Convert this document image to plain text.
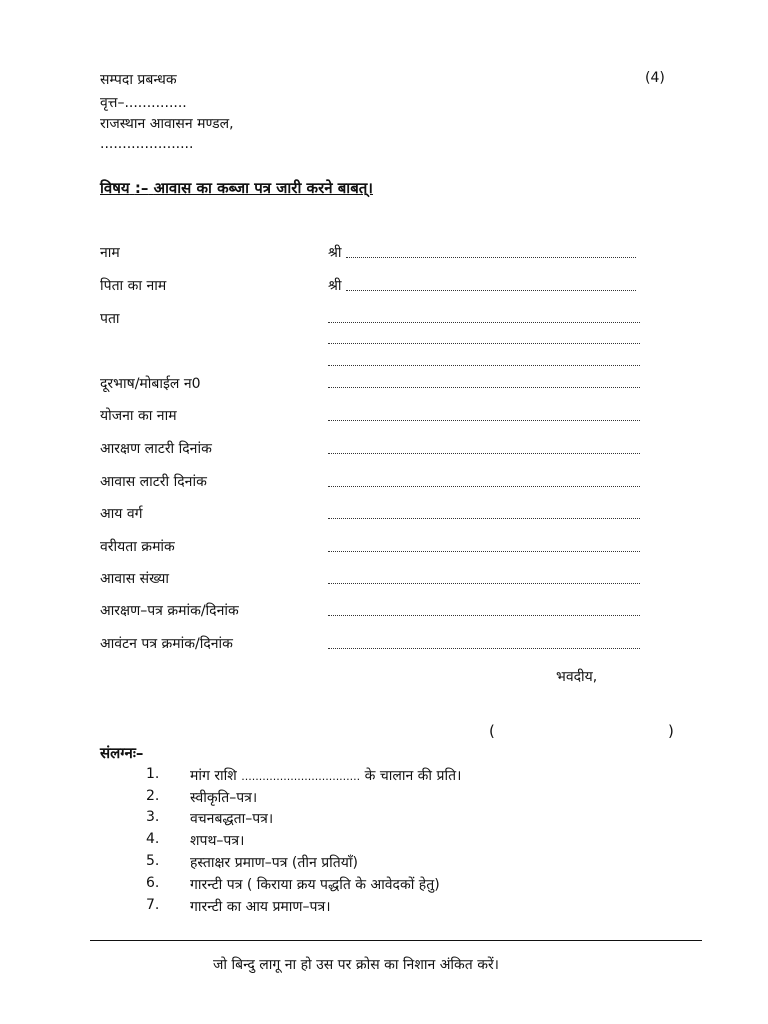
सम्पदा प्रबन्धक	(4)
वृत्त–..............
राजस्थान आवासन मण्डल,
.....................
विषय :– आवास का कब्जा पत्र जारी करने बाबत्।
नाम	श्री
पिता का नाम	श्री
पता
दूरभाष/मोबाईल न0
योजना का नाम
आरक्षण लाटरी दिनांक
आवास लाटरी दिनांक
आय वर्ग
वरीयता क्रमांक
आवास संख्या
आरक्षण–पत्र क्रमांक/दिनांक
आवंटन पत्र क्रमांक/दिनांक
भवदीय,
(	)
संलग्नः–
1. मांग राशि .................................. के चालान की प्रति।
2. स्वीकृति–पत्र।
3. वचनबद्धता–पत्र।
4. शपथ–पत्र।
5. हस्ताक्षर प्रमाण–पत्र (तीन प्रतियाँ)
6. गारन्टी पत्र ( किराया क्रय पद्धति के आवेदकों हेतु)
7. गारन्टी का आय प्रमाण–पत्र।
जो बिन्दु लागू ना हो उस पर क्रोस का निशान अंकित करें।
